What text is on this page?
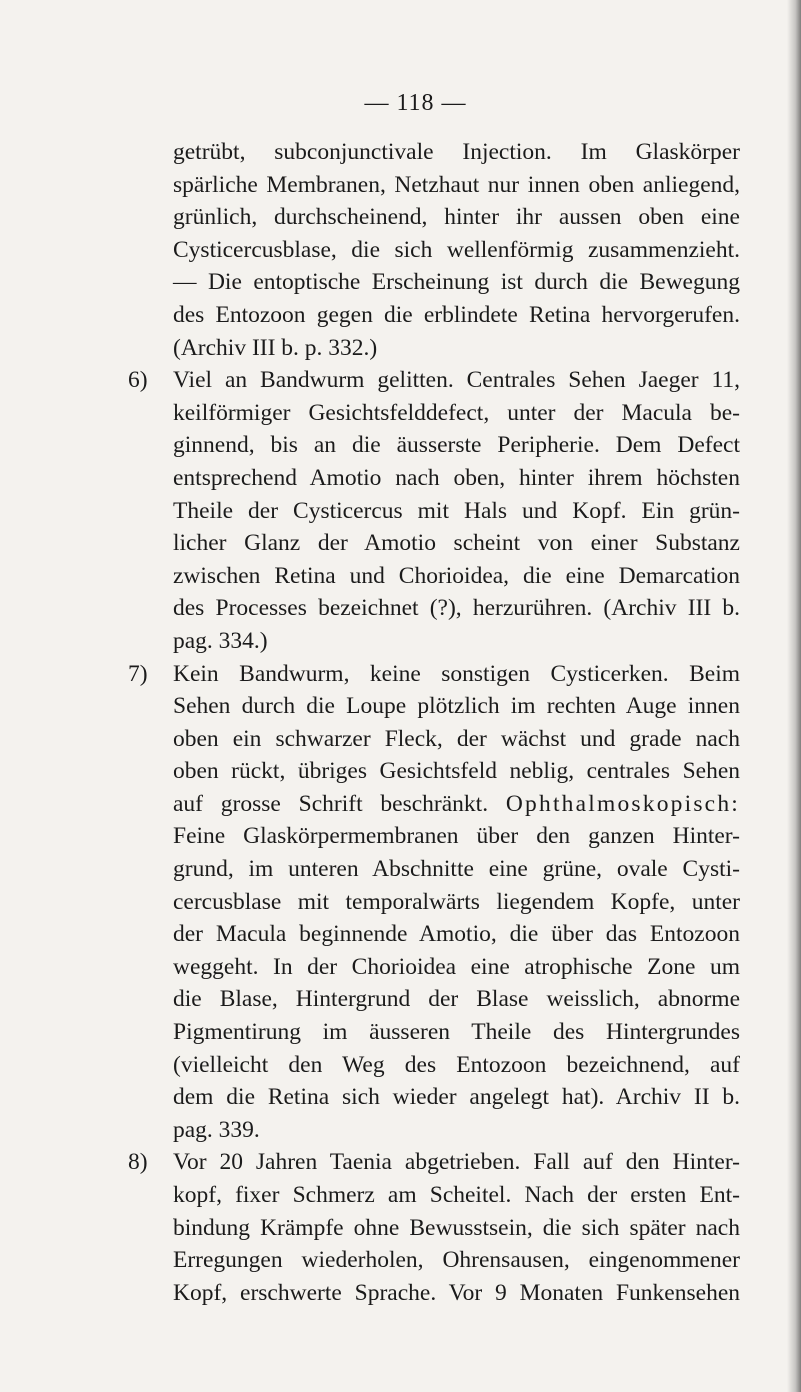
— 118 —
getrübt, subconjunctivale Injection. Im Glaskörper
spärliche Membranen, Netzhaut nur innen oben anliegend,
grünlich, durchscheinend, hinter ihr aussen oben eine
Cysticercusblase, die sich wellenförmig zusammenzieht.
— Die entoptische Erscheinung ist durch die Bewegung
des Entozoon gegen die erblindete Retina hervorgerufen.
(Archiv III b. p. 332.)
6) Viel an Bandwurm gelitten. Centrales Sehen Jaeger 11,
keilförmiger Gesichtsfelddefect, unter der Macula be-
ginnend, bis an die äusserste Peripherie. Dem Defect
entsprechend Amotio nach oben, hinter ihrem höchsten
Theile der Cysticercus mit Hals und Kopf. Ein grün-
licher Glanz der Amotio scheint von einer Substanz
zwischen Retina und Chorioidea, die eine Demarcation
des Processes bezeichnet (?), herzurühren. (Archiv III b.
pag. 334.)
7) Kein Bandwurm, keine sonstigen Cysticerken. Beim
Sehen durch die Loupe plötzlich im rechten Auge innen
oben ein schwarzer Fleck, der wächst und grade nach
oben rückt, übriges Gesichtsfeld neblig, centrales Sehen
auf grosse Schrift beschränkt. Ophthalmoskopisch:
Feine Glaskörpermembranen über den ganzen Hinter-
grund, im unteren Abschnitte eine grüne, ovale Cysti-
cercusblase mit temporalwärts liegendem Kopfe, unter
der Macula beginnende Amotio, die über das Entozoon
weggeht. In der Chorioidea eine atrophische Zone um
die Blase, Hintergrund der Blase weisslich, abnorme
Pigmentirung im äusseren Theile des Hintergrundes
(vielleicht den Weg des Entozoon bezeichnend, auf
dem die Retina sich wieder angelegt hat). Archiv II b.
pag. 339.
8) Vor 20 Jahren Taenia abgetrieben. Fall auf den Hinter-
kopf, fixer Schmerz am Scheitel. Nach der ersten Ent-
bindung Krämpfe ohne Bewusstsein, die sich später nach
Erregungen wiederholen, Ohrensausen, eingenommener
Kopf, erschwerte Sprache. Vor 9 Monaten Funkensehen
